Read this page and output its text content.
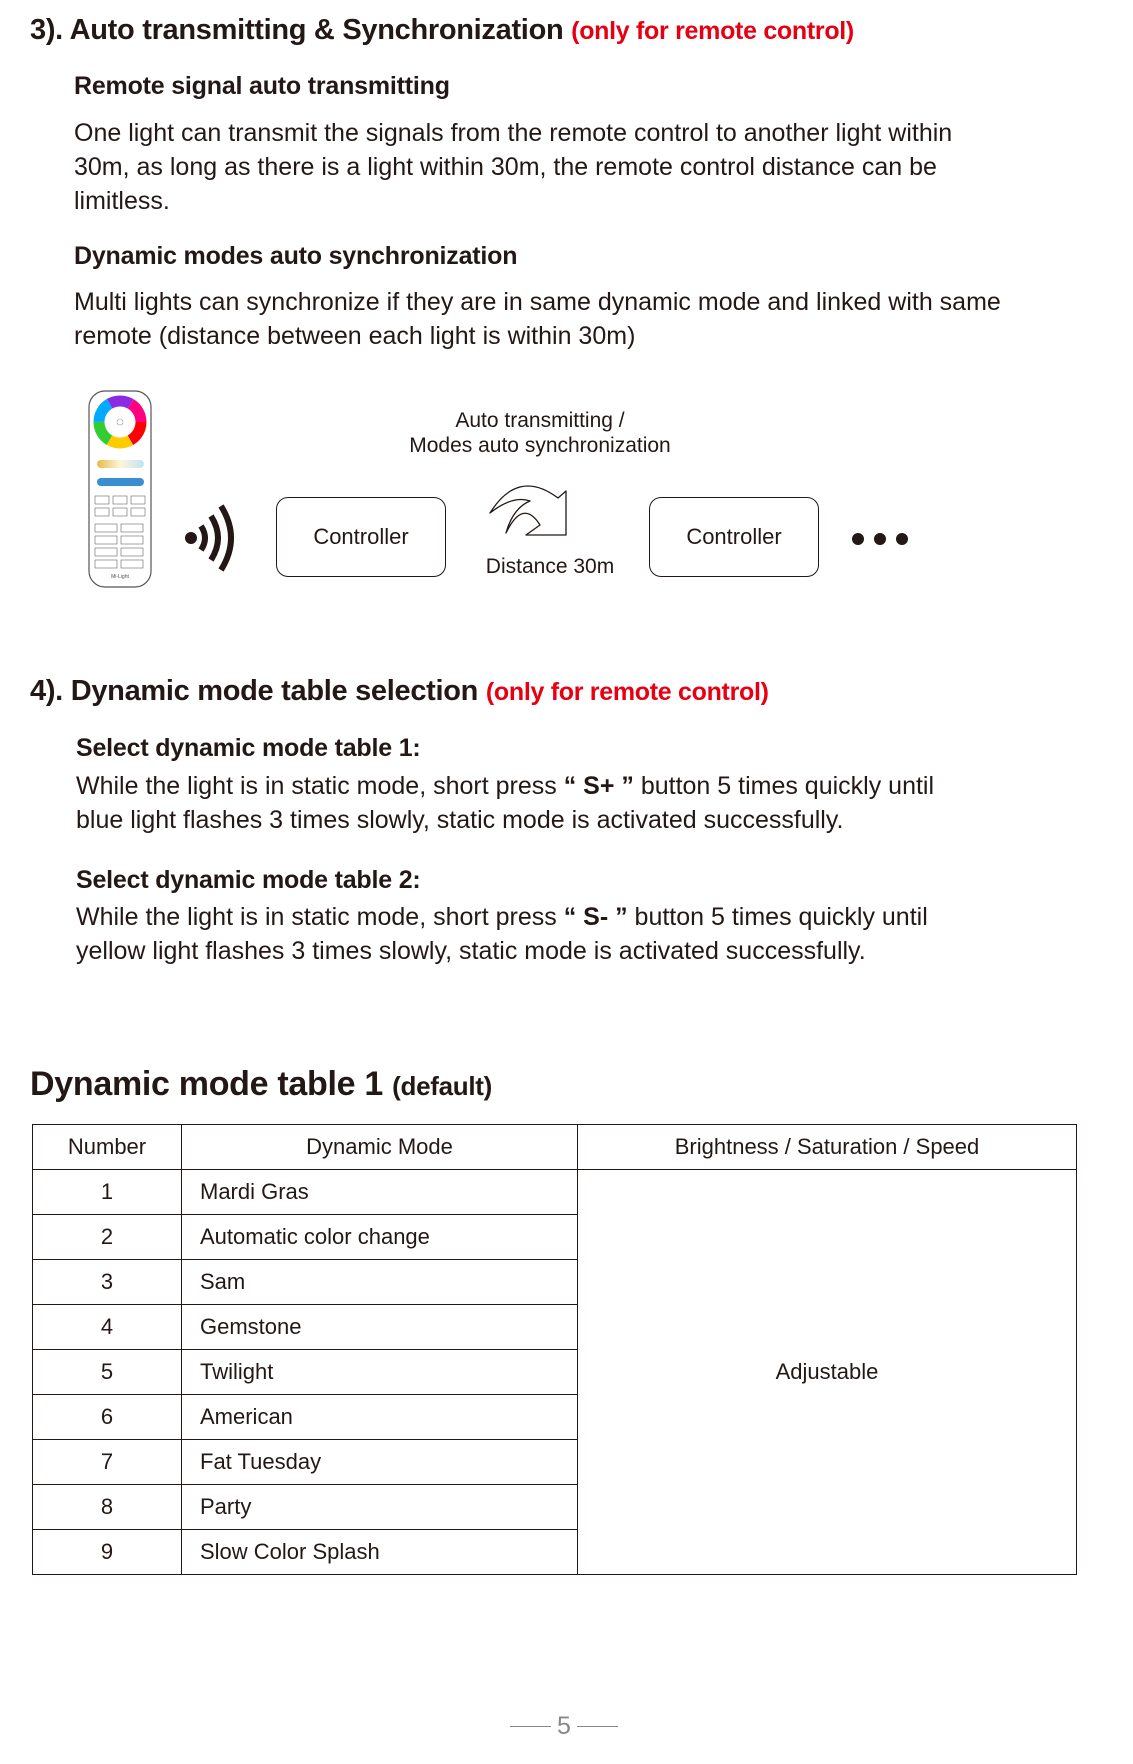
3). Auto transmitting & Synchronization (only for remote control)
Remote signal auto transmitting
One light can transmit the signals from the remote control to another light within
30m, as long as there is a light within 30m, the remote control distance can be
limitless.
Dynamic modes auto synchronization
Multi lights can synchronize if they are in same dynamic mode and linked with same
remote (distance between each light is within 30m)
Mi-Light
Auto transmitting /
Modes auto synchronization
Controller
Distance 30m
Controller
4). Dynamic mode table selection (only for remote control)
Select dynamic mode table 1:
While the light is in static mode, short press “ S+ ” button 5 times quickly until
blue light flashes 3 times slowly, static mode is activated successfully.
Select dynamic mode table 2:
While the light is in static mode, short press “ S- ” button 5 times quickly until
yellow light flashes 3 times slowly, static mode is activated successfully.
Dynamic mode table 1 (default)
Number	Dynamic Mode	Brightness / Saturation / Speed
1	Mardi Gras	Adjustable
2	Automatic color change	
3	Sam	
4	Gemstone	
5	Twilight	
6	American	
7	Fat Tuesday	
8	Party	
9	Slow Color Splash	
5
